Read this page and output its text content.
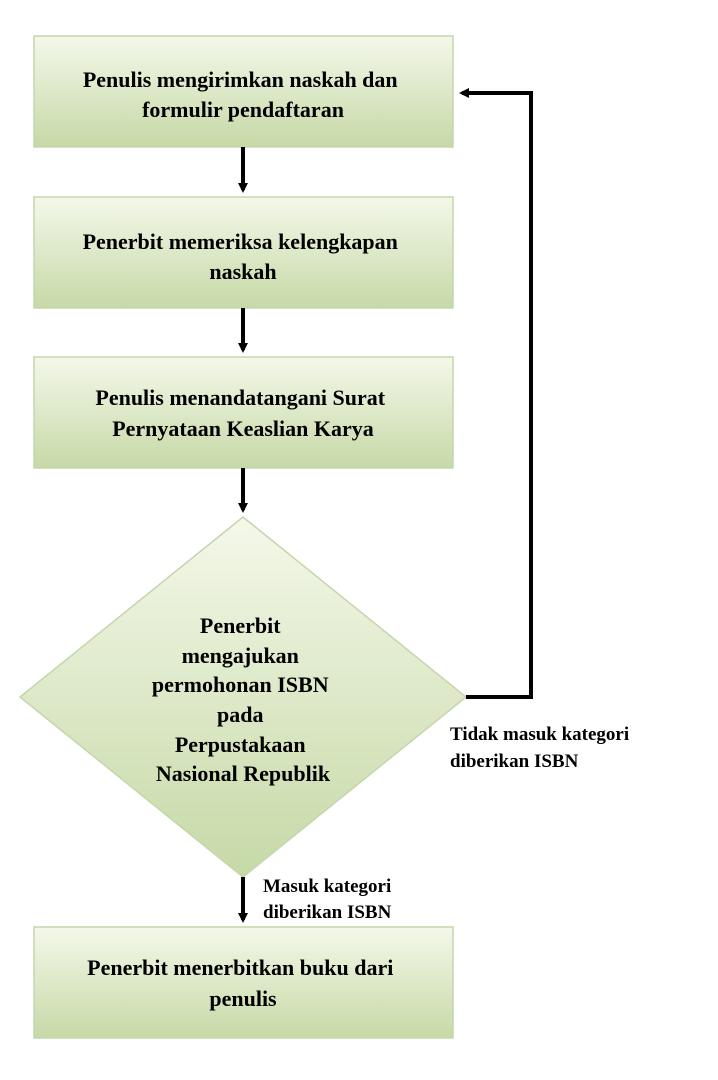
Penulis mengirimkan naskah dan formulir pendaftaran
Penerbit memeriksa kelengkapan naskah
Penulis menandatangani Surat Pernyataan Keaslian Karya
Penerbit mengajukan permohonan ISBN pada Perpustakaan Nasional Republik
Tidak masuk kategori diberikan ISBN
Masuk kategori diberikan ISBN
Penerbit menerbitkan buku dari penulis
